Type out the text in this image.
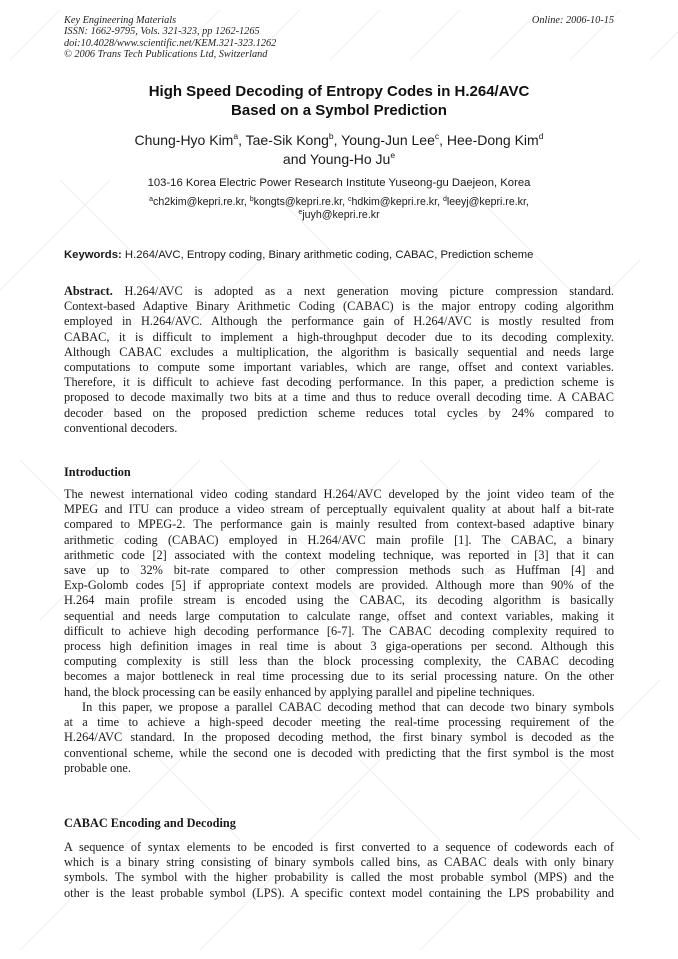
Key Engineering Materials
ISSN: 1662-9795, Vols. 321-323, pp 1262-1265
doi:10.4028/www.scientific.net/KEM.321-323.1262
© 2006 Trans Tech Publications Ltd, Switzerland
Online: 2006-10-15
High Speed Decoding of Entropy Codes in H.264/AVC
Based on a Symbol Prediction
Chung-Hyo Kim$^a$, Tae-Sik Kong$^b$, Young-Jun Lee$^c$, Hee-Dong Kim$^d$
and Young-Ho Ju$^e$
103-16 Korea Electric Power Research Institute Yuseong-gu Daejeon, Korea
$^a$ch2kim@kepri.re.kr, $^b$kongts@kepri.re.kr, $^c$hdkim@kepri.re.kr, $^d$leeyj@kepri.re.kr,
$^e$juyh@kepri.re.kr
Keywords: H.264/AVC, Entropy coding, Binary arithmetic coding, CABAC, Prediction scheme
Abstract. H.264/AVC is adopted as a next generation moving picture compression standard.
Context-based Adaptive Binary Arithmetic Coding (CABAC) is the major entropy coding algorithm
employed in H.264/AVC. Although the performance gain of H.264/AVC is mostly resulted from
CABAC, it is difficult to implement a high-throughput decoder due to its decoding complexity.
Although CABAC excludes a multiplication, the algorithm is basically sequential and needs large
computations to compute some important variables, which are range, offset and context variables.
Therefore, it is difficult to achieve fast decoding performance. In this paper, a prediction scheme is
proposed to decode maximally two bits at a time and thus to reduce overall decoding time. A CABAC
decoder based on the proposed prediction scheme reduces total cycles by 24% compared to
conventional decoders.
Introduction
The newest international video coding standard H.264/AVC developed by the joint video team of the
MPEG and ITU can produce a video stream of perceptually equivalent quality at about half a bit-rate
compared to MPEG-2. The performance gain is mainly resulted from context-based adaptive binary
arithmetic coding (CABAC) employed in H.264/AVC main profile [1]. The CABAC, a binary
arithmetic code [2] associated with the context modeling technique, was reported in [3] that it can
save up to 32% bit-rate compared to other compression methods such as Huffman [4] and
Exp-Golomb codes [5] if appropriate context models are provided. Although more than 90% of the
H.264 main profile stream is encoded using the CABAC, its decoding algorithm is basically
sequential and needs large computation to calculate range, offset and context variables, making it
difficult to achieve high decoding performance [6-7]. The CABAC decoding complexity required to
process high definition images in real time is about 3 giga-operations per second. Although this
computing complexity is still less than the block processing complexity, the CABAC decoding
becomes a major bottleneck in real time processing due to its serial processing nature. On the other
hand, the block processing can be easily enhanced by applying parallel and pipeline techniques.
In this paper, we propose a parallel CABAC decoding method that can decode two binary symbols
at a time to achieve a high-speed decoder meeting the real-time processing requirement of the
H.264/AVC standard. In the proposed decoding method, the first binary symbol is decoded as the
conventional scheme, while the second one is decoded with predicting that the first symbol is the most
probable one.
CABAC Encoding and Decoding
A sequence of syntax elements to be encoded is first converted to a sequence of codewords each of
which is a binary string consisting of binary symbols called bins, as CABAC deals with only binary
symbols. The symbol with the higher probability is called the most probable symbol (MPS) and the
other is the least probable symbol (LPS). A specific context model containing the LPS probability and
